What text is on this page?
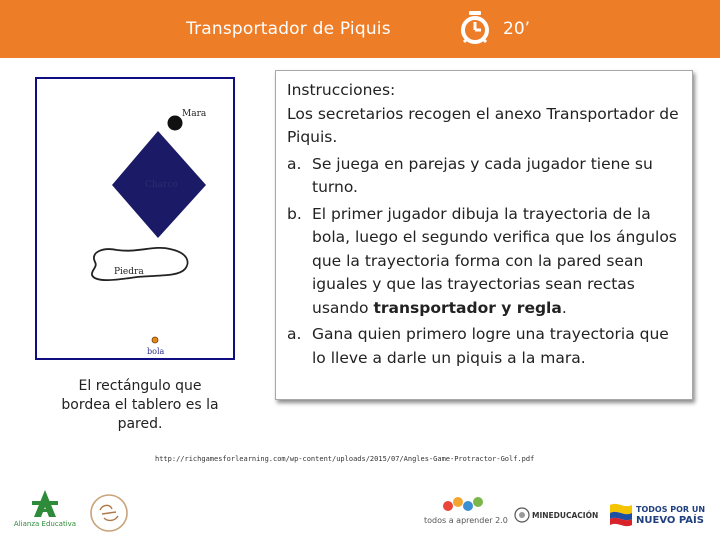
Transportador de Piquis	20’
Mara
Charco
Piedra
bola
El rectángulo que bordea el tablero es la pared.

Instrucciones:

Los secretarios recogen el anexo Transportador de Piquis.

a. Se juega en parejas y cada jugador tiene su turno.
b. El primer jugador dibuja la trayectoria de la bola, luego el segundo verifica que los ángulos que la trayectoria forma con la pared sean iguales y que las trayectorias sean rectas usando transportador y regla.
a. Gana quien primero logre una trayectoria que lo lleve a darle un piquis a la mara.
http://richgamesforlearning.com/wp-content/uploads/2015/07/Angles-Game-Protractor-Golf.pdf
Alianza Educativa	todos a aprender 2.0
MINEDUCACIÓN
TODOS POR UN
NUEVO PAÍS
